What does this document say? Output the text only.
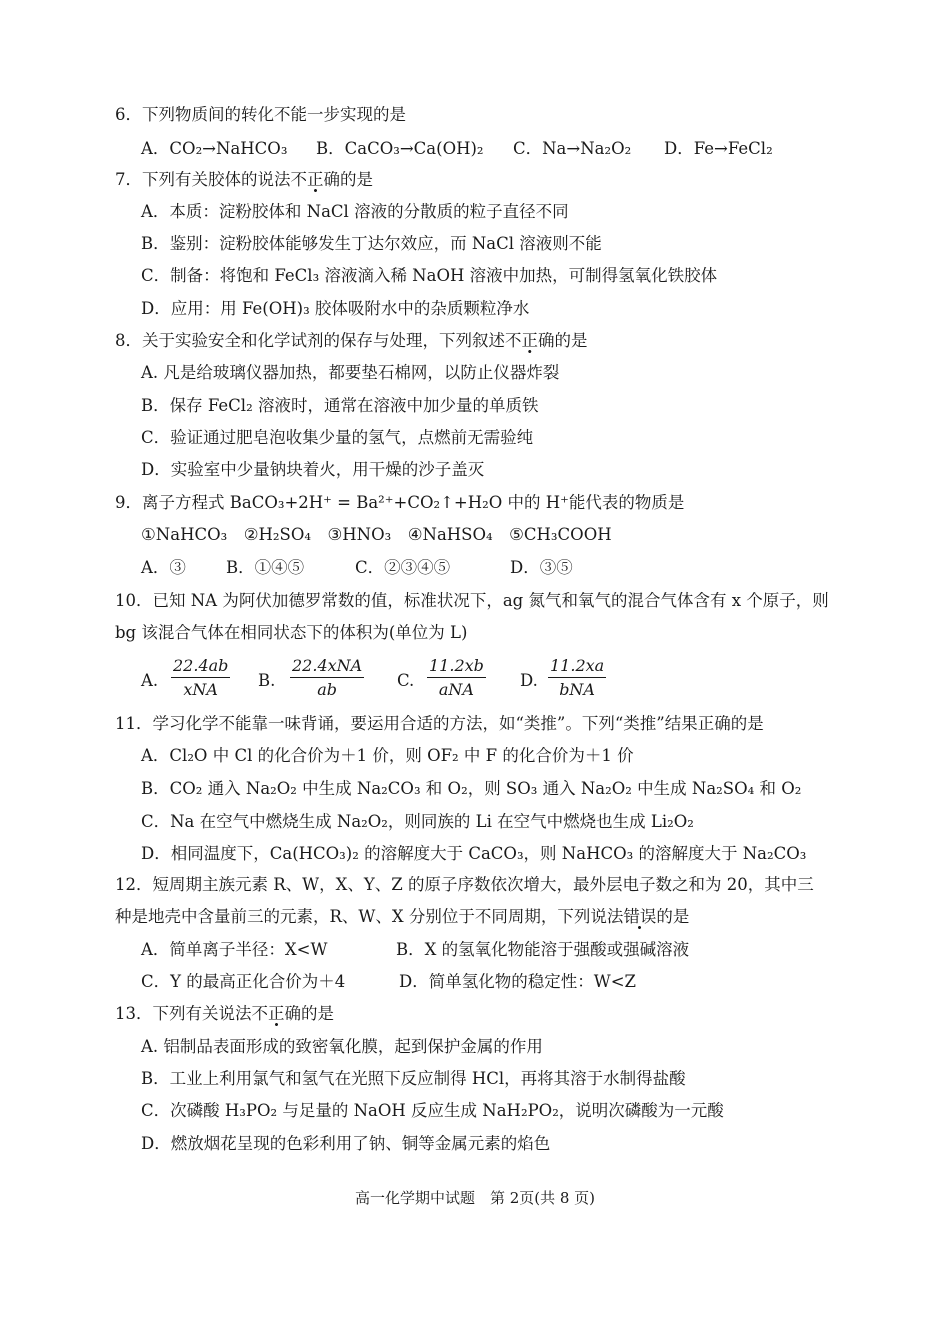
6．下列物质间的转化不能一步实现的是
A．CO₂→NaHCO₃ B．CaCO₃→Ca(OH)₂ C．Na→Na₂O₂ D．Fe→FeCl₂
7．下列有关胶体的说法不正确的是
A．本质：淀粉胶体和 NaCl 溶液的分散质的粒子直径不同
B．鉴别：淀粉胶体能够发生丁达尔效应，而 NaCl 溶液则不能
C．制备：将饱和 FeCl₃ 溶液滴入稀 NaOH 溶液中加热，可制得氢氧化铁胶体
D．应用：用 Fe(OH)₃ 胶体吸附水中的杂质颗粒净水
8．关于实验安全和化学试剂的保存与处理，下列叙述不正确的是
A. 凡是给玻璃仪器加热，都要垫石棉网，以防止仪器炸裂
B．保存 FeCl₂ 溶液时，通常在溶液中加少量的单质铁
C．验证通过肥皂泡收集少量的氢气，点燃前无需验纯
D．实验室中少量钠块着火，用干燥的沙子盖灭
9．离子方程式 BaCO₃+2H⁺ = Ba²⁺+CO₂↑+H₂O 中的 H⁺能代表的物质是
①NaHCO₃　②H₂SO₄　③HNO₃　④NaHSO₄　⑤CH₃COOH
A．③ B．①④⑤	C．②③④⑤	D．③⑤
10．已知 NA 为阿伏加德罗常数的值，标准状况下，ag 氮气和氧气的混合气体含有 x 个原子，则
bg 该混合气体在相同状态下的体积为(单位为 L)
A.
22.4ab
xNA	B.
22.4xNA
ab	C.
11.2xb
aNA	D.
11.2xa
bNA
11．学习化学不能靠一味背诵，要运用合适的方法，如“类推”。下列“类推”结果正确的是
A．Cl₂O 中 Cl 的化合价为＋1 价，则 OF₂ 中 F 的化合价为＋1 价
B．CO₂ 通入 Na₂O₂ 中生成 Na₂CO₃ 和 O₂，则 SO₃ 通入 Na₂O₂ 中生成 Na₂SO₄ 和 O₂
C．Na 在空气中燃烧生成 Na₂O₂，则同族的 Li 在空气中燃烧也生成 Li₂O₂
D．相同温度下，Ca(HCO₃)₂ 的溶解度大于 CaCO₃，则 NaHCO₃ 的溶解度大于 Na₂CO₃
12．短周期主族元素 R、W，X、Y、Z 的原子序数依次增大，最外层电子数之和为 20，其中三
种是地壳中含量前三的元素，R、W、X 分别位于不同周期，下列说法错误的是
A．简单离子半径：X<W	B．X 的氢氧化物能溶于强酸或强碱溶液
C．Y 的最高正化合价为＋4	D．简单氢化物的稳定性：W<Z
13．下列有关说法不正确的是
A. 铝制品表面形成的致密氧化膜，起到保护金属的作用
B．工业上利用氯气和氢气在光照下反应制得 HCl，再将其溶于水制得盐酸
C．次磷酸 H₃PO₂ 与足量的 NaOH 反应生成 NaH₂PO₂，说明次磷酸为一元酸
D．燃放烟花呈现的色彩利用了钠、铜等金属元素的焰色
高一化学期中试题　第 2页(共 8 页)
